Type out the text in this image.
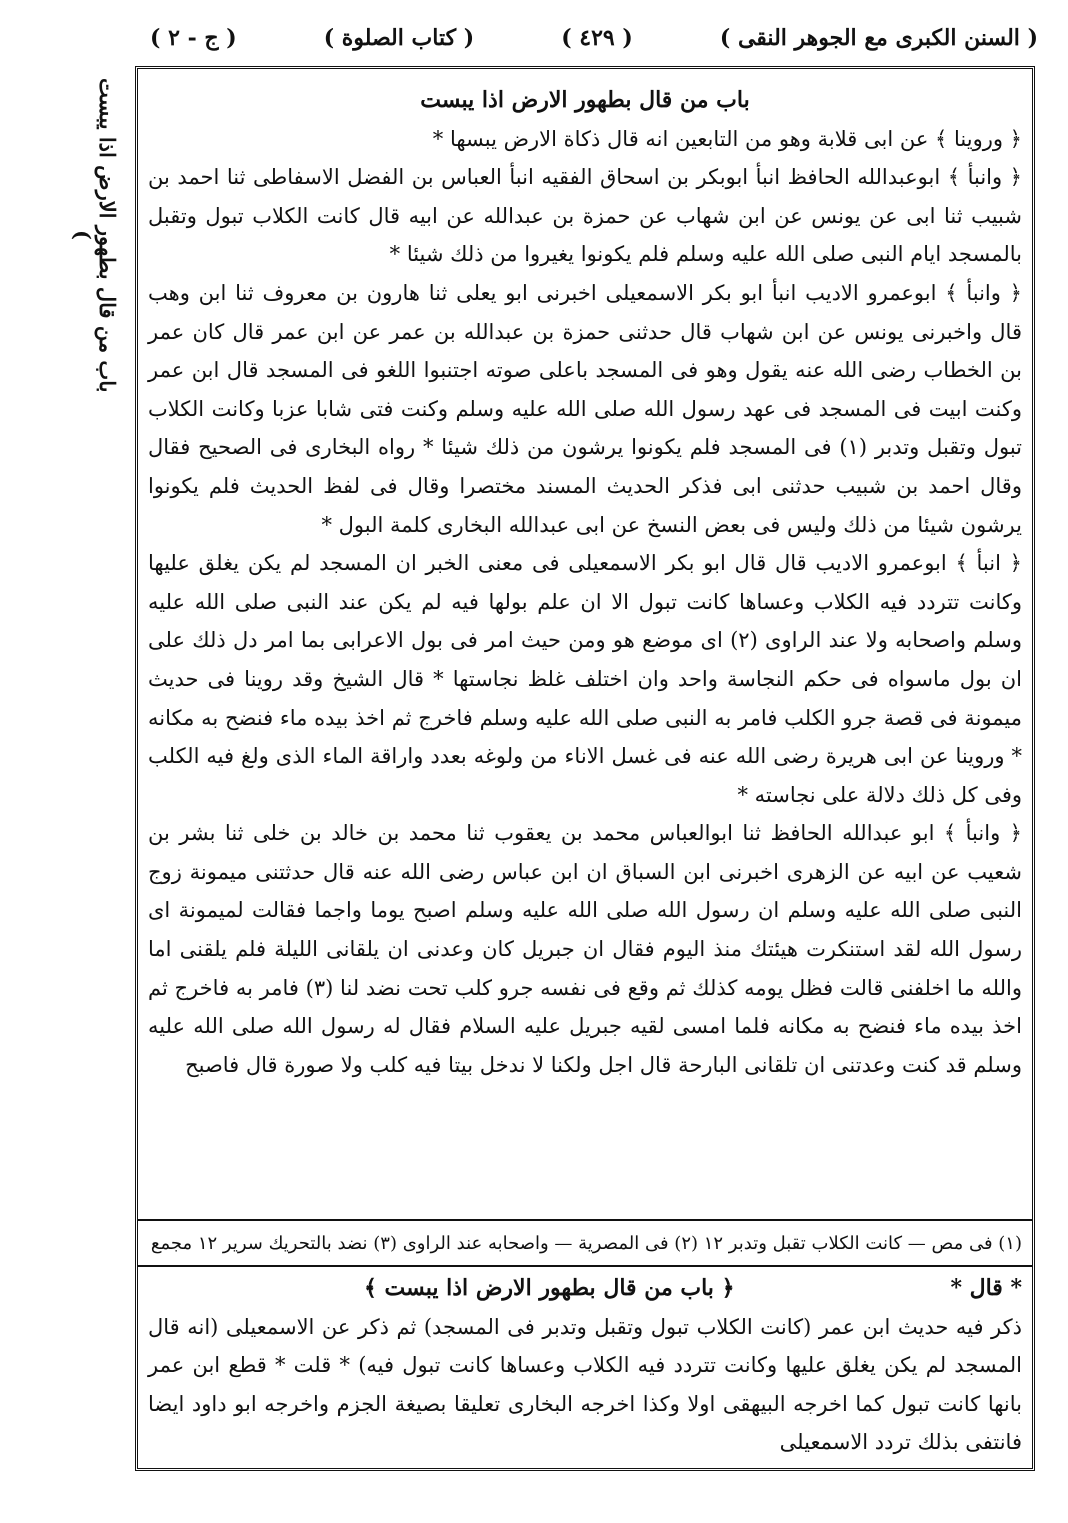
( السنن الكبرى مع الجوهر النقى )
( ٤٢٩ )
( كتاب الصلوة )
( ج - ٢ )
باب من قال بطهور الارض اذا يبست )

باب من قال بطهور الارض اذا يبست

﴿ وروينا ﴾ عن ابى قلابة وهو من التابعين انه قال ذكاة الارض يبسها *

﴿ وانبأ ﴾ ابوعبدالله الحافظ انبأ ابوبكر بن اسحاق الفقيه انبأ العباس بن الفضل الاسفاطى ثنا احمد بن شبيب ثنا ابى عن يونس عن ابن شهاب عن حمزة بن عبدالله عن ابيه قال كانت الكلاب تبول وتقبل بالمسجد ايام النبى صلى الله عليه وسلم فلم يكونوا يغيروا من ذلك شيئا *

﴿ وانبأ ﴾ ابوعمرو الاديب انبأ ابو بكر الاسمعيلى اخبرنى ابو يعلى ثنا هارون بن معروف ثنا ابن وهب قال واخبرنى يونس عن ابن شهاب قال حدثنى حمزة بن عبدالله بن عمر عن ابن عمر قال كان عمر بن الخطاب رضى الله عنه يقول وهو فى المسجد باعلى صوته اجتنبوا اللغو فى المسجد قال ابن عمر وكنت ابيت فى المسجد فى عهد رسول الله صلى الله عليه وسلم وكنت فتى شابا عزبا وكانت الكلاب تبول وتقبل وتدبر (١) فى المسجد فلم يكونوا يرشون من ذلك شيئا * رواه البخارى فى الصحيح فقال وقال احمد بن شبيب حدثنى ابى فذكر الحديث المسند مختصرا وقال فى لفظ الحديث فلم يكونوا يرشون شيئا من ذلك وليس فى بعض النسخ عن ابى عبدالله البخارى كلمة البول *

﴿ انبأ ﴾ ابوعمرو الاديب قال قال ابو بكر الاسمعيلى فى معنى الخبر ان المسجد لم يكن يغلق عليها وكانت تتردد فيه الكلاب وعساها كانت تبول الا ان علم بولها فيه لم يكن عند النبى صلى الله عليه وسلم واصحابه ولا عند الراوى (٢) اى موضع هو ومن حيث امر فى بول الاعرابى بما امر دل ذلك على ان بول ماسواه فى حكم النجاسة واحد وان اختلف غلظ نجاستها * قال الشيخ وقد روينا فى حديث ميمونة فى قصة جرو الكلب فامر به النبى صلى الله عليه وسلم فاخرج ثم اخذ بيده ماء فنضح به مكانه * وروينا عن ابى هريرة رضى الله عنه فى غسل الاناء من ولوغه بعدد واراقة الماء الذى ولغ فيه الكلب وفى كل ذلك دلالة على نجاسته *

﴿ وانبأ ﴾ ابو عبدالله الحافظ ثنا ابوالعباس محمد بن يعقوب ثنا محمد بن خالد بن خلى ثنا بشر بن شعيب عن ابيه عن الزهرى اخبرنى ابن السباق ان ابن عباس رضى الله عنه قال حدثتنى ميمونة زوج النبى صلى الله عليه وسلم ان رسول الله صلى الله عليه وسلم اصبح يوما واجما فقالت لميمونة اى رسول الله لقد استنكرت هيئتك منذ اليوم فقال ان جبريل كان وعدنى ان يلقانى الليلة فلم يلقنى اما والله ما اخلفنى قالت فظل يومه كذلك ثم وقع فى نفسه جرو كلب تحت نضد لنا (٣) فامر به فاخرج ثم اخذ بيده ماء فنضح به مكانه فلما امسى لقيه جبريل عليه السلام فقال له رسول الله صلى الله عليه وسلم قد كنت وعدتنى ان تلقانى البارحة قال اجل ولكنا لا ندخل بيتا فيه كلب ولا صورة قال فاصبح

(١) فى مص — كانت الكلاب تقبل وتدبر ١٢ (٢) فى المصرية — واصحابه عند الراوى (٣) نضد بالتحريك سرير ١٢ مجمع

* قال *
﴿ باب من قال بطهور الارض اذا يبست ﴾

ذكر فيه حديث ابن عمر (كانت الكلاب تبول وتقبل وتدبر فى المسجد) ثم ذكر عن الاسمعيلى (انه قال المسجد لم يكن يغلق عليها وكانت تتردد فيه الكلاب وعساها كانت تبول فيه) * قلت * قطع ابن عمر بانها كانت تبول كما اخرجه البيهقى اولا وكذا اخرجه البخارى تعليقا بصيغة الجزم واخرجه ابو داود ايضا فانتفى بذلك تردد الاسمعيلى
